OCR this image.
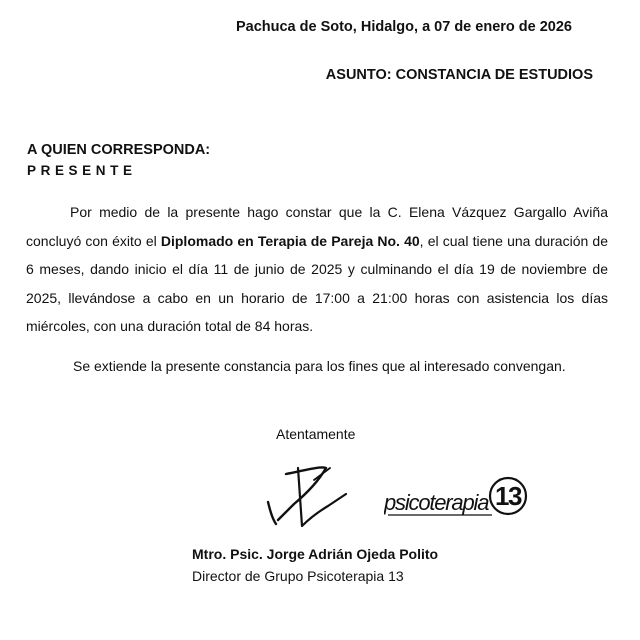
Pachuca de Soto, Hidalgo, a 07 de enero de 2026
ASUNTO: CONSTANCIA DE ESTUDIOS
A QUIEN CORRESPONDA:
PRESENTE

Por medio de la presente hago constar que la C. Elena Vázquez Gargallo Aviña concluyó con éxito el Diplomado en Terapia de Pareja No. 40, el cual tiene una duración de 6 meses, dando inicio el día 11 de junio de 2025 y culminando el día 19 de noviembre de 2025, llevándose a cabo en un horario de 17:00 a 21:00 horas con asistencia los días miércoles, con una duración total de 84 horas.

Se extiende la presente constancia para los fines que al interesado convengan.
Atentamente
psicoterapia 13
Mtro. Psic. Jorge Adrián Ojeda Polito
Director de Grupo Psicoterapia 13
